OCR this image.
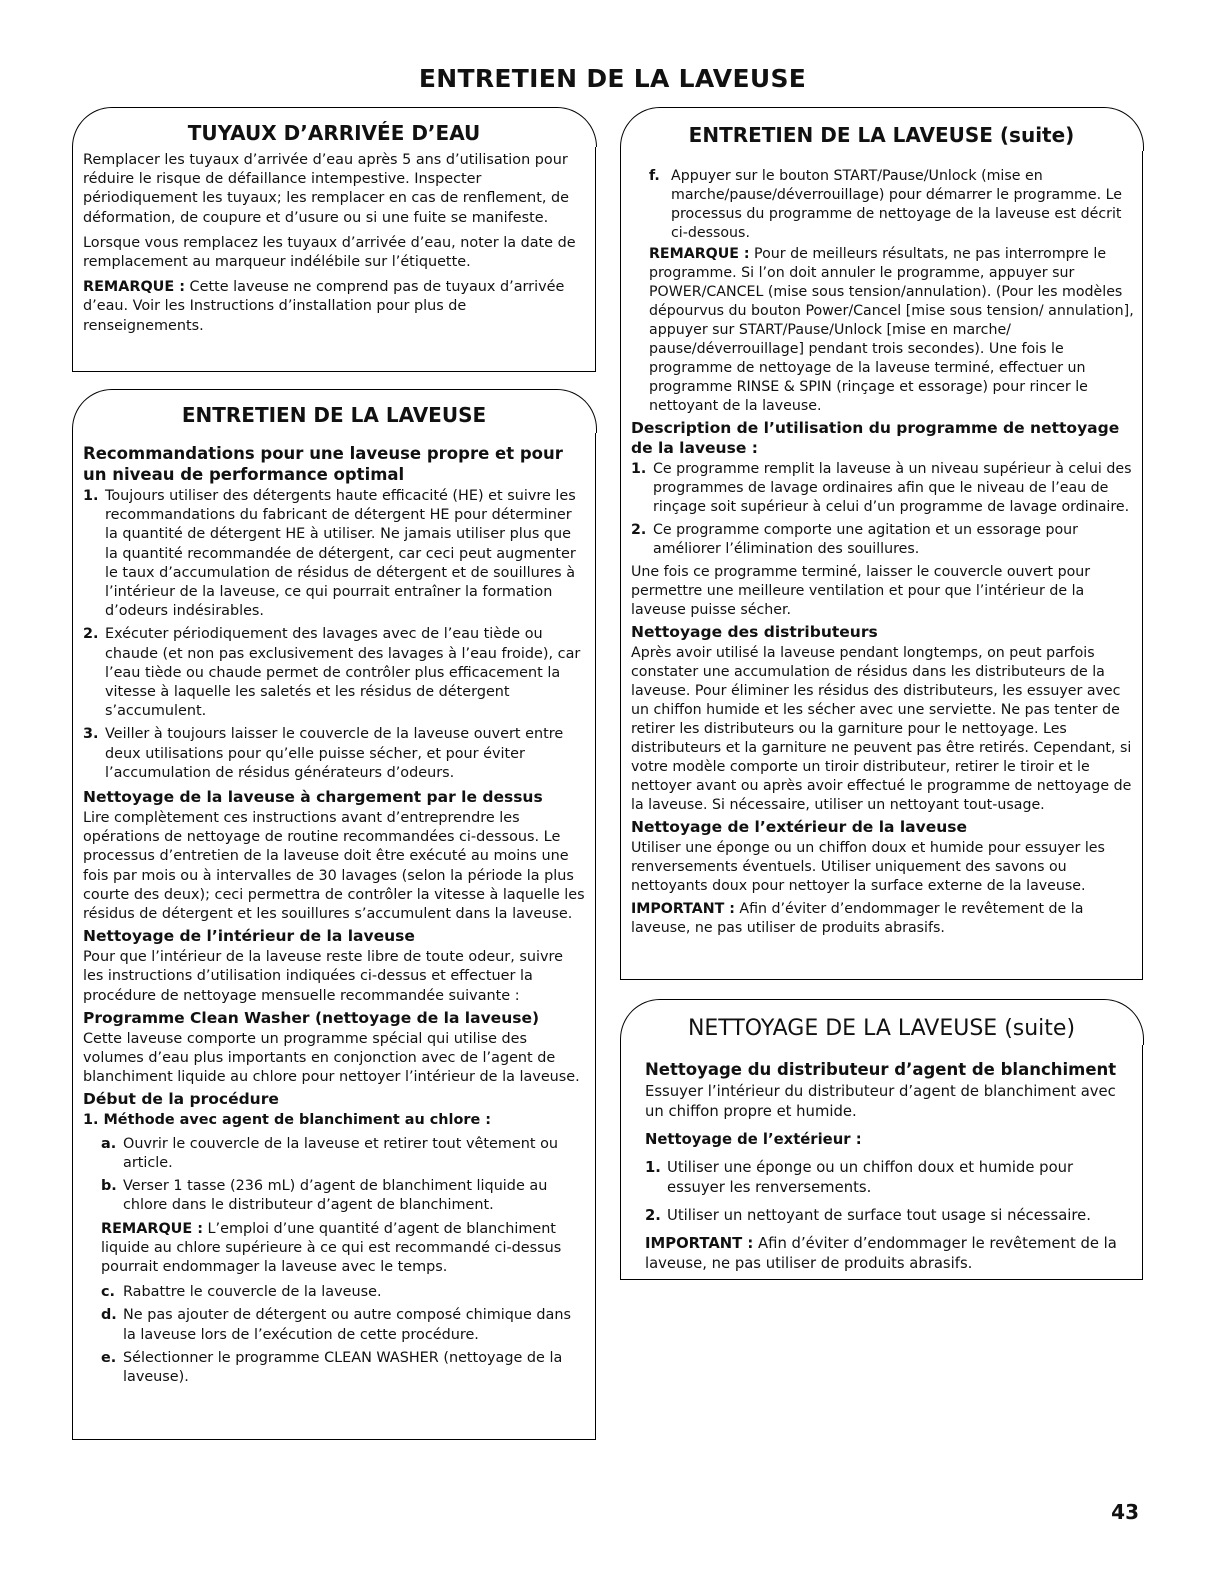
ENTRETIEN DE LA LAVEUSE
TUYAUX D’ARRIVÉE D’EAU

Remplacer les tuyaux d’arrivée d’eau après 5 ans d’utilisation pour réduire le risque de défaillance intempestive. Inspecter périodiquement les tuyaux; les remplacer en cas de renflement, de déformation, de coupure et d’usure ou si une fuite se manifeste.

Lorsque vous remplacez les tuyaux d’arrivée d’eau, noter la date de remplacement au marqueur indélébile sur l’étiquette.

REMARQUE : Cette laveuse ne comprend pas de tuyaux d’arrivée d’eau. Voir les Instructions d’installation pour plus de renseignements.

ENTRETIEN DE LA LAVEUSE
Recommandations pour une laveuse propre et pour un niveau de performance optimal
1. Toujours utiliser des détergents haute efficacité (HE) et suivre les recommandations du fabricant de détergent HE pour déterminer la quantité de détergent HE à utiliser. Ne jamais utiliser plus que la quantité recommandée de détergent, car ceci peut augmenter le taux d’accumulation de résidus de détergent et de souillures à l’intérieur de la laveuse, ce qui pourrait entraîner la formation d’odeurs indésirables.
2. Exécuter périodiquement des lavages avec de l’eau tiède ou chaude (et non pas exclusivement des lavages à l’eau froide), car l’eau tiède ou chaude permet de contrôler plus efficacement la vitesse à laquelle les saletés et les résidus de détergent s’accumulent.
3. Veiller à toujours laisser le couvercle de la laveuse ouvert entre deux utilisations pour qu’elle puisse sécher, et pour éviter l’accumulation de résidus générateurs d’odeurs.
Nettoyage de la laveuse à chargement par le dessus

Lire complètement ces instructions avant d’entreprendre les opérations de nettoyage de routine recommandées ci-dessous. Le processus d’entretien de la laveuse doit être exécuté au moins une fois par mois ou à intervalles de 30 lavages (selon la période la plus courte des deux); ceci permettra de contrôler la vitesse à laquelle les résidus de détergent et les souillures s’accumulent dans la laveuse.

Nettoyage de l’intérieur de la laveuse

Pour que l’intérieur de la laveuse reste libre de toute odeur, suivre les instructions d’utilisation indiquées ci-dessus et effectuer la procédure de nettoyage mensuelle recommandée suivante :

Programme Clean Washer (nettoyage de la laveuse)

Cette laveuse comporte un programme spécial qui utilise des volumes d’eau plus importants en conjonction avec de l’agent de blanchiment liquide au chlore pour nettoyer l’intérieur de la laveuse.

Début de la procédure
1. Méthode avec agent de blanchiment au chlore :
a. Ouvrir le couvercle de la laveuse et retirer tout vêtement ou article.
b. Verser 1 tasse (236 mL) d’agent de blanchiment liquide au chlore dans le distributeur d’agent de blanchiment.

REMARQUE : L’emploi d’une quantité d’agent de blanchiment liquide au chlore supérieure à ce qui est recommandé ci-dessus pourrait endommager la laveuse avec le temps.

c. Rabattre le couvercle de la laveuse.
d. Ne pas ajouter de détergent ou autre composé chimique dans la laveuse lors de l’exécution de cette procédure.
e. Sélectionner le programme CLEAN WASHER (nettoyage de la laveuse).
ENTRETIEN DE LA LAVEUSE (suite)
f. Appuyer sur le bouton START/Pause/Unlock (mise en marche/pause/déverrouillage) pour démarrer le programme. Le processus du programme de nettoyage de la laveuse est décrit ci-dessous.

REMARQUE : Pour de meilleurs résultats, ne pas interrompre le programme. Si l’on doit annuler le programme, appuyer sur POWER/CANCEL (mise sous tension/annulation). (Pour les modèles dépourvus du bouton Power/Cancel [mise sous tension/ annulation], appuyer sur START/Pause/Unlock [mise en marche/ pause/déverrouillage] pendant trois secondes). Une fois le programme de nettoyage de la laveuse terminé, effectuer un programme RINSE & SPIN (rinçage et essorage) pour rincer le nettoyant de la laveuse.

Description de l’utilisation du programme de nettoyage de la laveuse :
1. Ce programme remplit la laveuse à un niveau supérieur à celui des programmes de lavage ordinaires afin que le niveau de l’eau de rinçage soit supérieur à celui d’un programme de lavage ordinaire.
2. Ce programme comporte une agitation et un essorage pour améliorer l’élimination des souillures.

Une fois ce programme terminé, laisser le couvercle ouvert pour permettre une meilleure ventilation et pour que l’intérieur de la laveuse puisse sécher.

Nettoyage des distributeurs

Après avoir utilisé la laveuse pendant longtemps, on peut parfois constater une accumulation de résidus dans les distributeurs de la laveuse. Pour éliminer les résidus des distributeurs, les essuyer avec un chiffon humide et les sécher avec une serviette. Ne pas tenter de retirer les distributeurs ou la garniture pour le nettoyage. Les distributeurs et la garniture ne peuvent pas être retirés. Cependant, si votre modèle comporte un tiroir distributeur, retirer le tiroir et le nettoyer avant ou après avoir effectué le programme de nettoyage de la laveuse. Si nécessaire, utiliser un nettoyant tout-usage.

Nettoyage de l’extérieur de la laveuse

Utiliser une éponge ou un chiffon doux et humide pour essuyer les renversements éventuels. Utiliser uniquement des savons ou nettoyants doux pour nettoyer la surface externe de la laveuse.

IMPORTANT : Afin d’éviter d’endommager le revêtement de la laveuse, ne pas utiliser de produits abrasifs.

NETTOYAGE DE LA LAVEUSE (suite)
Nettoyage du distributeur d’agent de blanchiment

Essuyer l’intérieur du distributeur d’agent de blanchiment avec un chiffon propre et humide.

Nettoyage de l’extérieur :
1. Utiliser une éponge ou un chiffon doux et humide pour essuyer les renversements.
2. Utiliser un nettoyant de surface tout usage si nécessaire.

IMPORTANT : Afin d’éviter d’endommager le revêtement de la laveuse, ne pas utiliser de produits abrasifs.

43
